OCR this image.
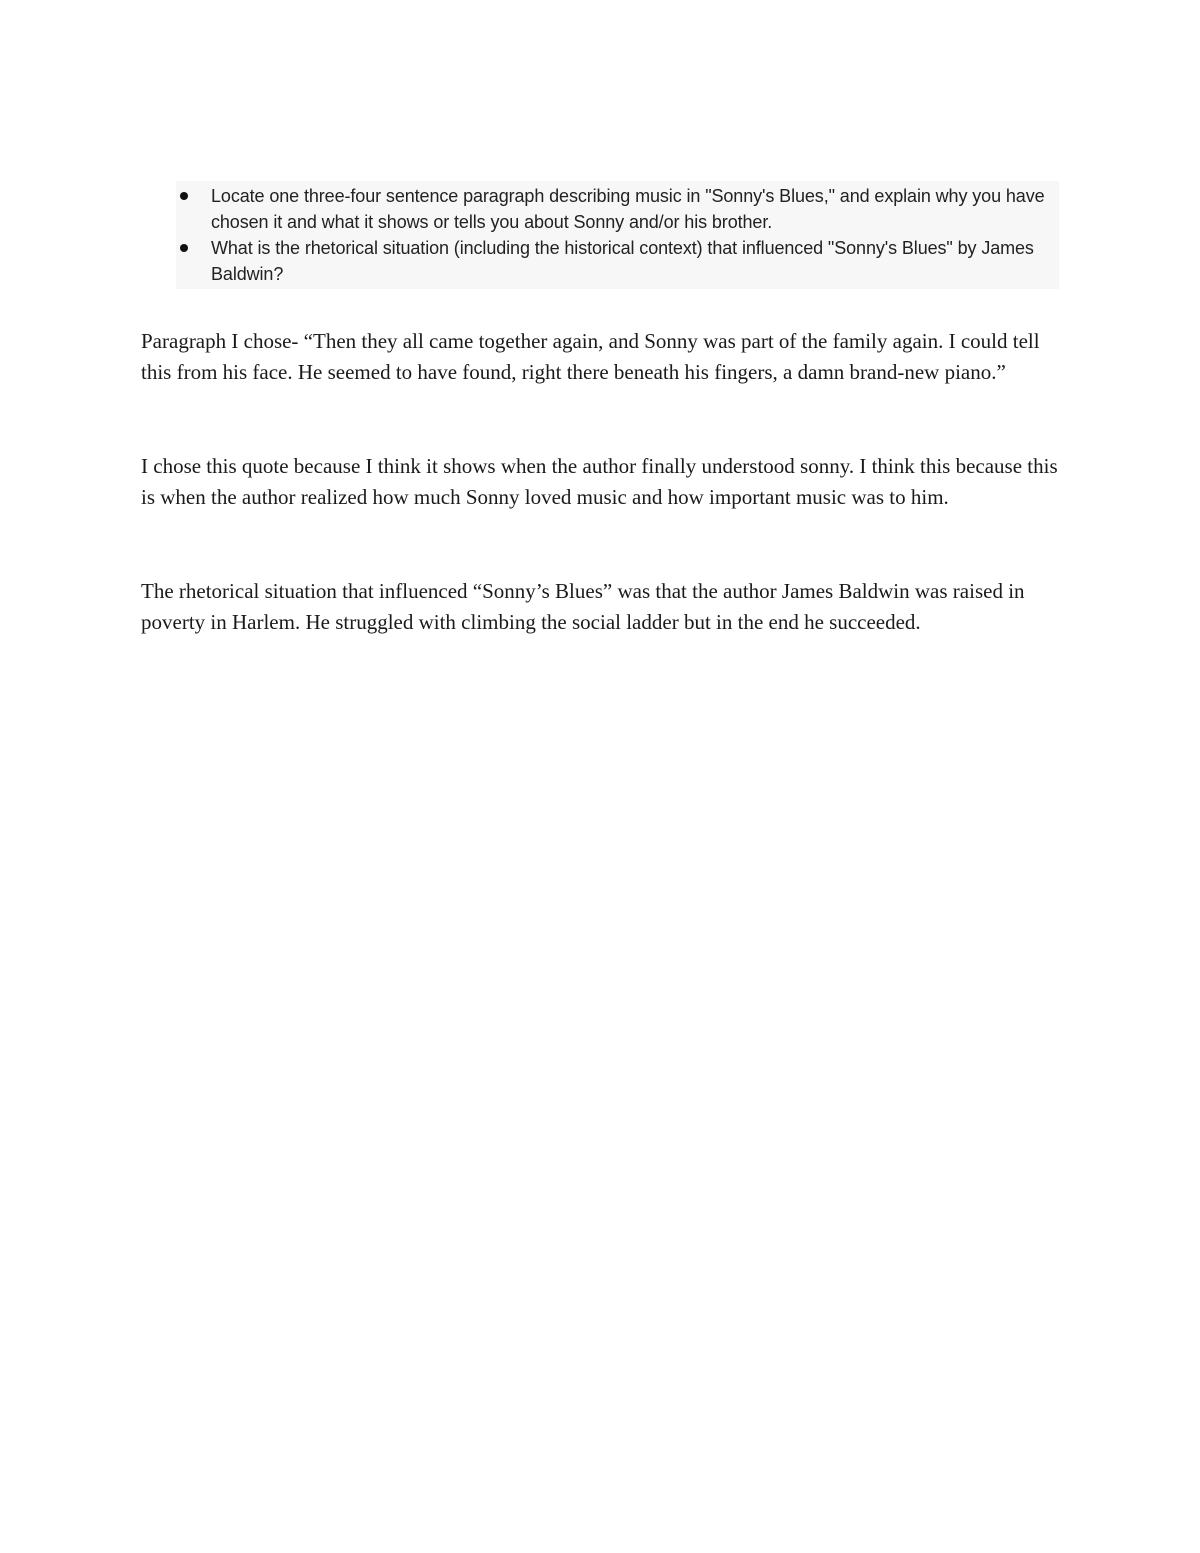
Locate one three-four sentence paragraph describing music in "Sonny's Blues," and explain why you have chosen it and what it shows or tells you about Sonny and/or his brother.
What is the rhetorical situation (including the historical context) that influenced "Sonny's Blues" by James Baldwin?

Paragraph I chose- “Then they all came together again, and Sonny was part of the family again. I could tell this from his face. He seemed to have found, right there beneath his fingers, a damn brand-new piano.”

I chose this quote because I think it shows when the author finally understood sonny. I think this because this is when the author realized how much Sonny loved music and how important music was to him.

The rhetorical situation that influenced “Sonny’s Blues” was that the author James Baldwin was raised in poverty in Harlem. He struggled with climbing the social ladder but in the end he succeeded.
